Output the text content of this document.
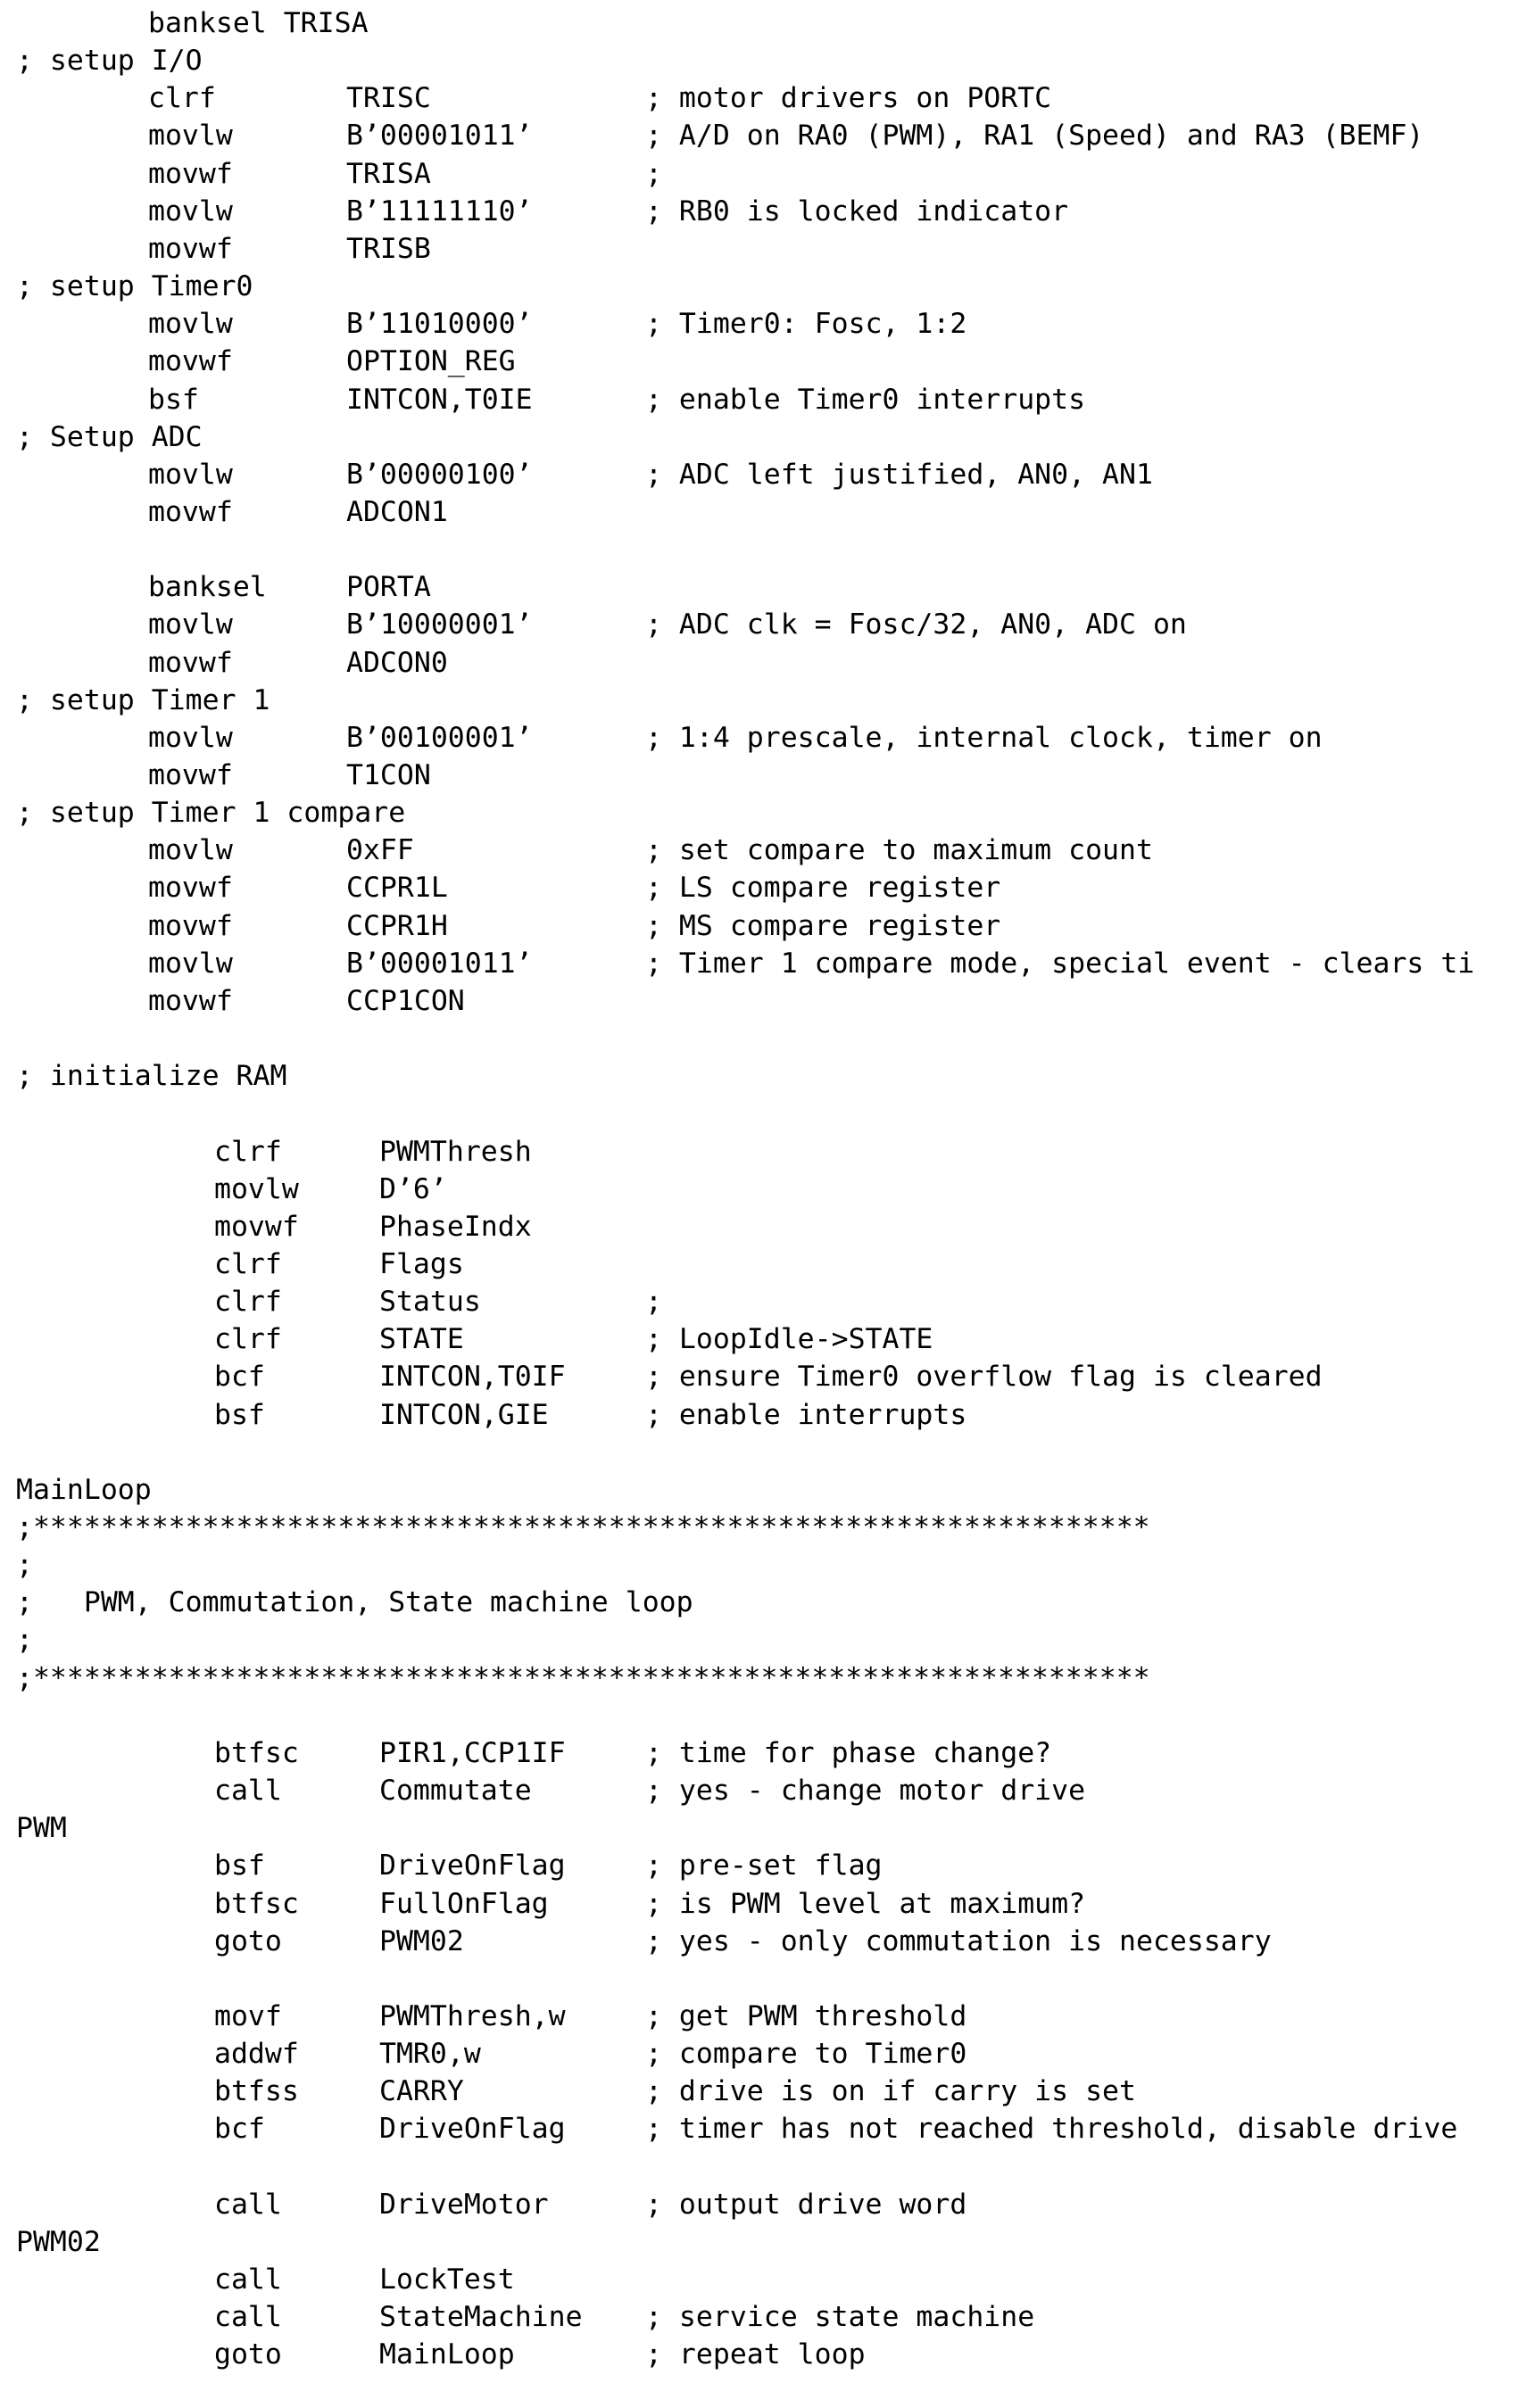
banksel TRISA
; setup I/O
clrf	TRISC	; motor drivers on PORTC
movlw	B’00001011’	; A/D on RA0 (PWM), RA1 (Speed) and RA3 (BEMF)
movwf	TRISA	;
movlw	B’11111110’	; RB0 is locked indicator
movwf	TRISB
; setup Timer0
movlw	B’11010000’	; Timer0: Fosc, 1:2
movwf	OPTION_REG
bsf	INTCON,T0IE	; enable Timer0 interrupts
; Setup ADC
movlw	B’00000100’	; ADC left justified, AN0, AN1
movwf	ADCON1
banksel	PORTA
movlw	B’10000001’	; ADC clk = Fosc/32, AN0, ADC on
movwf	ADCON0
; setup Timer 1
movlw	B’00100001’	; 1:4 prescale, internal clock, timer on
movwf	T1CON
; setup Timer 1 compare
movlw	0xFF	; set compare to maximum count
movwf	CCPR1L	; LS compare register
movwf	CCPR1H	; MS compare register
movlw	B’00001011’	; Timer 1 compare mode, special event - clears ti
movwf	CCP1CON
; initialize RAM
clrf	PWMThresh
movlw	D’6’
movwf	PhaseIndx
clrf	Flags
clrf	Status	;
clrf	STATE	; LoopIdle->STATE
bcf	INTCON,T0IF	; ensure Timer0 overflow flag is cleared
bsf	INTCON,GIE	; enable interrupts
MainLoop
;******************************************************************
;
;   PWM, Commutation, State machine loop
;
;******************************************************************
btfsc	PIR1,CCP1IF	; time for phase change?
call	Commutate	; yes - change motor drive
PWM
bsf	DriveOnFlag	; pre-set flag
btfsc	FullOnFlag	; is PWM level at maximum?
goto	PWM02	; yes - only commutation is necessary
movf	PWMThresh,w	; get PWM threshold
addwf	TMR0,w	; compare to Timer0
btfss	CARRY	; drive is on if carry is set
bcf	DriveOnFlag	; timer has not reached threshold, disable drive
call	DriveMotor	; output drive word
PWM02
call	LockTest
call	StateMachine ; service state machine
goto	MainLoop	; repeat loop
